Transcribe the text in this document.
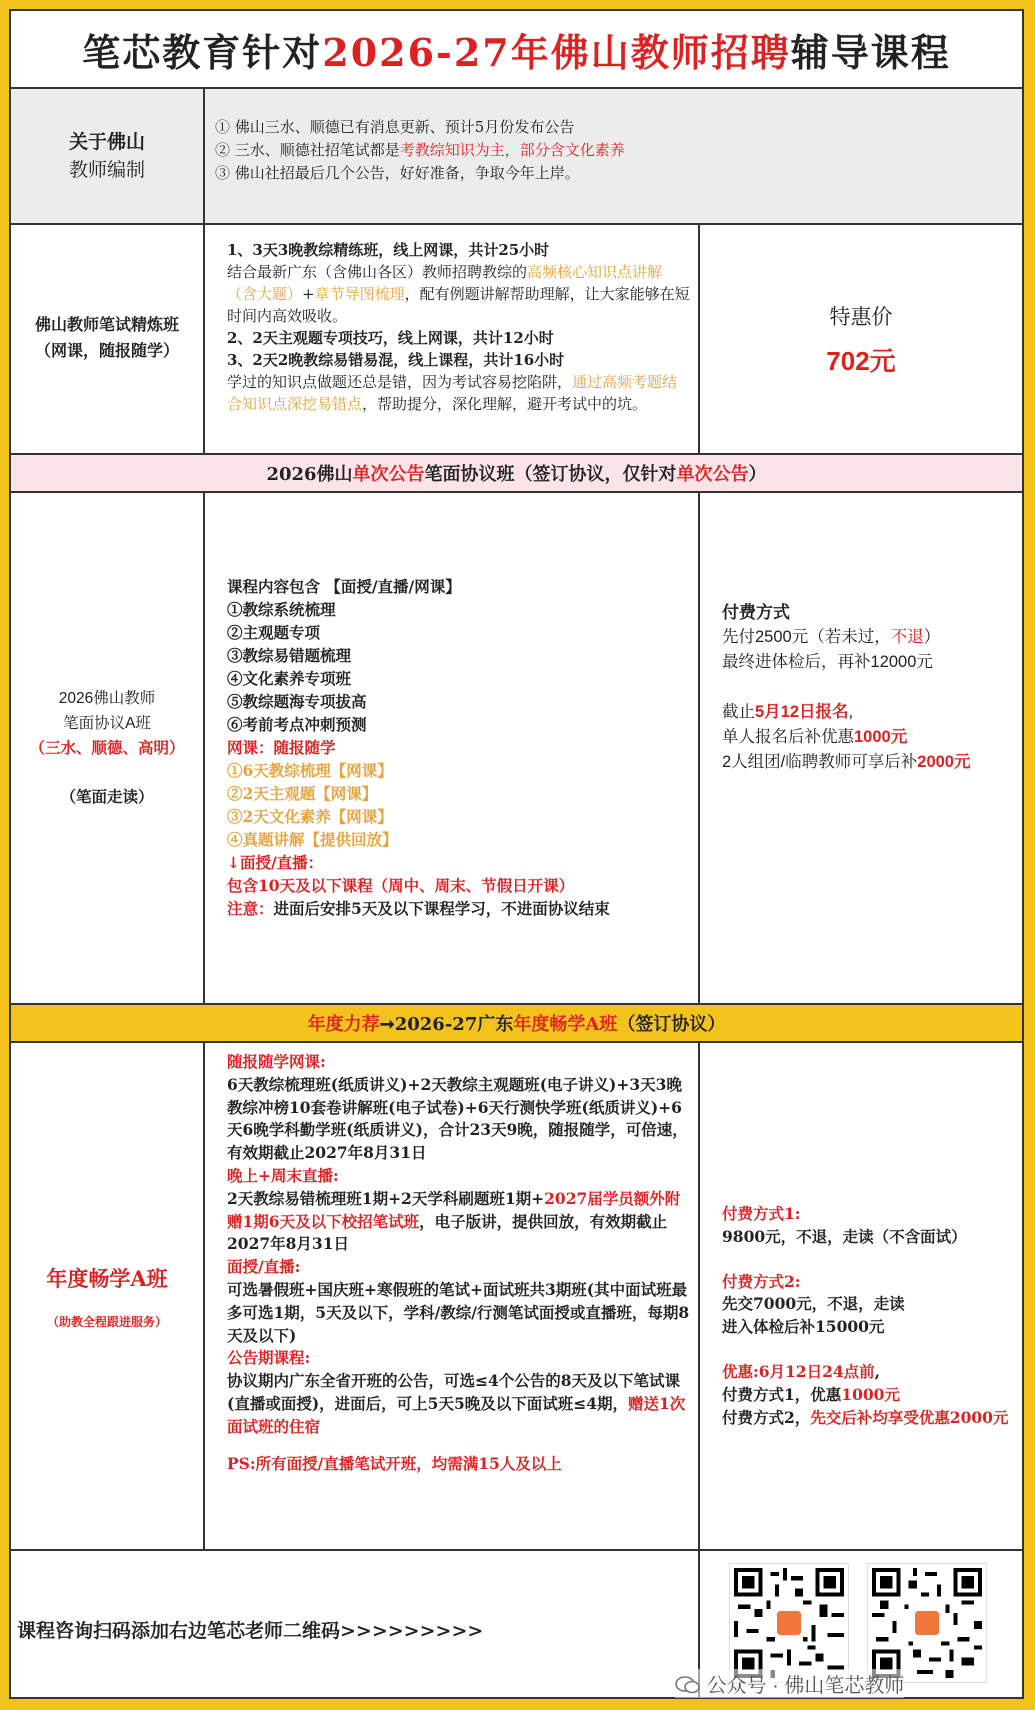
笔芯教育针对 2026-27年佛山教师招聘 辅导课程
关于佛山
教师编制
① 佛山三水、顺德已有消息更新、预计5月份发布公告
② 三水、顺德社招笔试都是考教综知识为主，部分含文化素养
③ 佛山社招最后几个公告，好好准备，争取今年上岸。
佛山教师笔试精炼班
（网课，随报随学）
1、3天3晚教综精练班，线上网课，共计25小时
结合最新广东（含佛山各区）教师招聘教综的高频核心知识点讲解（含大题）+章节导图梳理，配有例题讲解帮助理解，让大家能够在短时间内高效吸收。
2、2天主观题专项技巧，线上网课，共计12小时
3、2天2晚教综易错易混，线上课程，共计16小时
学过的知识点做题还总是错，因为考试容易挖陷阱，通过高频考题结合知识点深挖易错点，帮助提分，深化理解，避开考试中的坑。
特惠价
702元
2026佛山 单次公告 笔面协议班（签订协议，仅针对 单次公告 ）
2026佛山教师
笔面协议A班
（三水、顺德、高明）
（笔面走读）
课程内容包含 【面授/直播/网课】
①教综系统梳理
②主观题专项
③教综易错题梳理
④文化素养专项班
⑤教综题海专项拔高
⑥考前考点冲刺预测
网课：随报随学
①6天教综梳理【网课】
②2天主观题【网课】
③2天文化素养【网课】
④真题讲解【提供回放】
↓面授/直播：
包含10天及以下课程（周中、周末、节假日开课）
注意：进面后安排5天及以下课程学习，不进面协议结束
付费方式
先付2500元（若未过，不退）
最终进体检后，再补12000元
截止5月12日报名,
单人报名后补优惠1000元
2人组团/临聘教师可享后补2000元
年度力荐 ➞2026-27广东 年度畅学A班 （签订协议）
年度畅学A班
（助教全程跟进服务）
随报随学网课:
6天教综梳理班(纸质讲义)+2天教综主观题班(电子讲义)+3天3晚教综冲榜10套卷讲解班(电子试卷)+6天行测快学班(纸质讲义)+6天6晚学科勤学班(纸质讲义)，合计23天9晚，随报随学，可倍速，有效期截止2027年8月31日
晚上+周末直播:
2天教综易错梳理班1期+2天学科刷题班1期+2027届学员额外附赠1期6天及以下校招笔试班，电子版讲，提供回放，有效期截止2027年8月31日
面授/直播:
可选暑假班+国庆班+寒假班的笔试+面试班共3期班(其中面试班最多可选1期，5天及以下，学科/教综/行测笔试面授或直播班，每期8天及以下)
公告期课程:
协议期内广东全省开班的公告，可选≤4个公告的8天及以下笔试课(直播或面授)，进面后，可上5天5晚及以下面试班≤4期，赠送1次面试班的住宿
PS:所有面授/直播笔试开班，均需满15人及以上
付费方式1:
9800元，不退，走读（不含面试）
付费方式2:
先交7000元，不退，走读
进入体检后补15000元
优惠:6月12日24点前,
付费方式1，优惠1000元
付费方式2，先交后补均享受优惠2000元
课程咨询扫码添加右边笔芯老师二维码>>>>>>>>>
公众号 · 佛山笔芯教师
